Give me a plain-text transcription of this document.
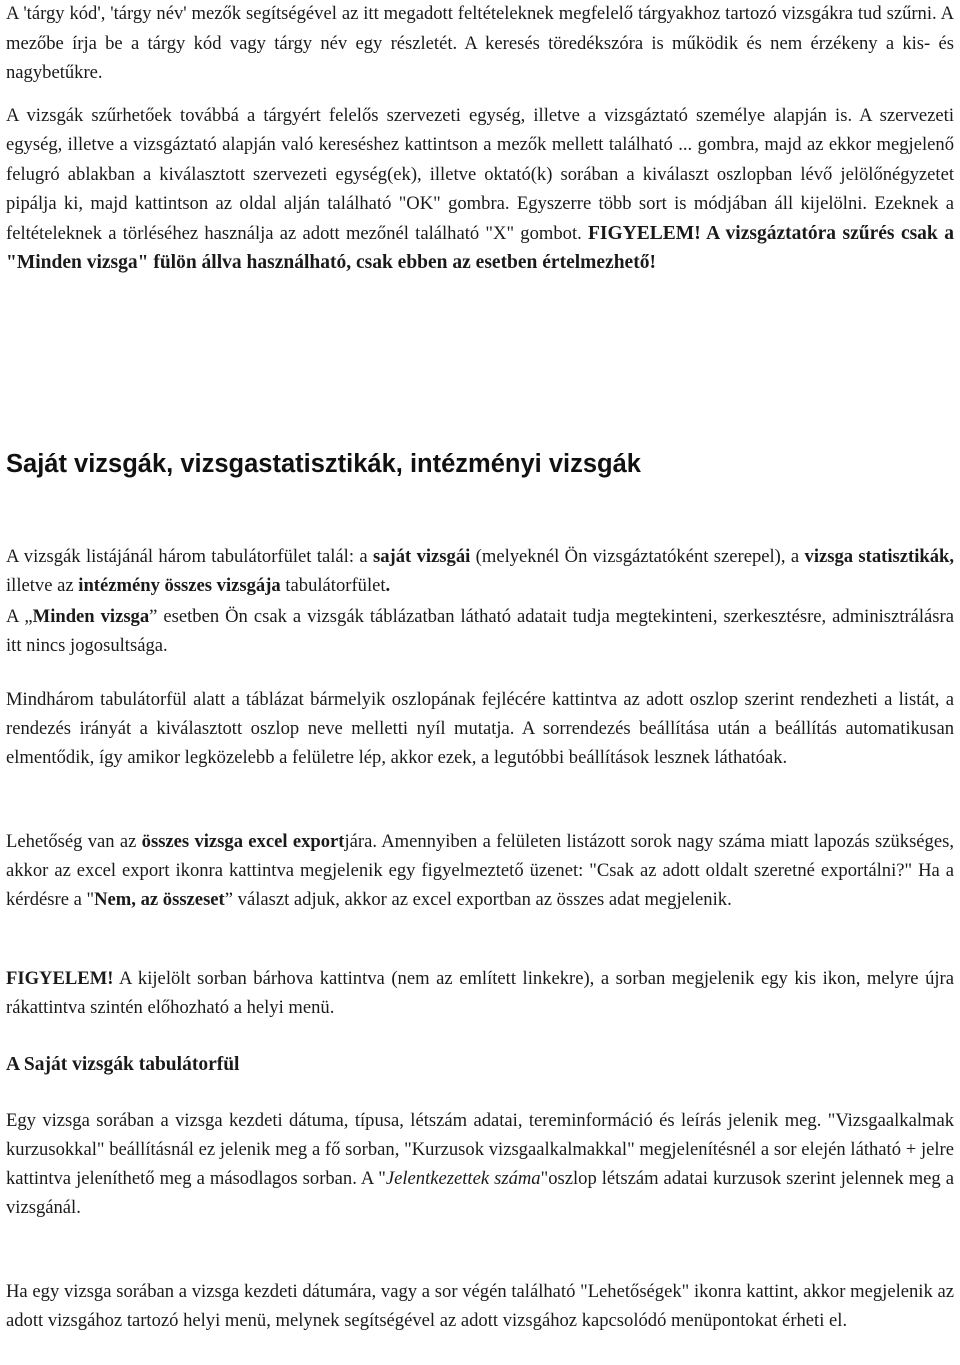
A 'tárgy kód', 'tárgy név' mezők segítségével az itt megadott feltételeknek megfelelő tárgyakhoz tartozó vizsgákra tud szűrni. A mezőbe írja be a tárgy kód vagy tárgy név egy részletét. A keresés töredékszóra is működik és nem érzékeny a kis- és nagybetűkre.

A vizsgák szűrhetőek továbbá a tárgyért felelős szervezeti egység, illetve a vizsgáztató személye alapján is. A szervezeti egység, illetve a vizsgáztató alapján való kereséshez kattintson a mezők mellett található ... gombra, majd az ekkor megjelenő felugró ablakban a kiválasztott szervezeti egység(ek), illetve oktató(k) sorában a kiválaszt oszlopban lévő jelölőnégyzetet pipálja ki, majd kattintson az oldal alján található "OK" gombra. Egyszerre több sort is módjában áll kijelölni. Ezeknek a feltételeknek a törléséhez használja az adott mezőnél található "X" gombot. FIGYELEM! A vizsgáztatóra szűrés csak a "Minden vizsga" fülön állva használható, csak ebben az esetben értelmezhető!

Saját vizsgák, vizsgastatisztikák, intézményi vizsgák

A vizsgák listájánál három tabulátorfület talál: a saját vizsgái (melyeknél Ön vizsgáztatóként szerepel), a vizsga statisztikák, illetve az intézmény összes vizsgája tabulátorfület.

A „Minden vizsga” esetben Ön csak a vizsgák táblázatban látható adatait tudja megtekinteni, szerkesztésre, adminisztrálásra itt nincs jogosultsága.

Mindhárom tabulátorfül alatt a táblázat bármelyik oszlopának fejlécére kattintva az adott oszlop szerint rendezheti a listát, a rendezés irányát a kiválasztott oszlop neve melletti nyíl mutatja. A sorrendezés beállítása után a beállítás automatikusan elmentődik, így amikor legközelebb a felületre lép, akkor ezek, a legutóbbi beállítások lesznek láthatóak.

Lehetőség van az összes vizsga excel exportjára. Amennyiben a felületen listázott sorok nagy száma miatt lapozás szükséges, akkor az excel export ikonra kattintva megjelenik egy figyelmeztető üzenet: "Csak az adott oldalt szeretné exportálni?" Ha a kérdésre a "Nem, az összeset” választ adjuk, akkor az excel exportban az összes adat megjelenik.

FIGYELEM! A kijelölt sorban bárhova kattintva (nem az említett linkekre), a sorban megjelenik egy kis ikon, melyre újra rákattintva szintén előhozható a helyi menü.

A Saját vizsgák tabulátorfül

Egy vizsga sorában a vizsga kezdeti dátuma, típusa, létszám adatai, tereminformáció és leírás jelenik meg. "Vizsgaalkalmak kurzusokkal" beállításnál ez jelenik meg a fő sorban, "Kurzusok vizsgaalkalmakkal" megjelenítésnél a sor elején látható + jelre kattintva jeleníthető meg a másodlagos sorban. A "Jelentkezettek száma"oszlop létszám adatai kurzusok szerint jelennek meg a vizsgánál.

Ha egy vizsga sorában a vizsga kezdeti dátumára, vagy a sor végén található "Lehetőségek" ikonra kattint, akkor megjelenik az adott vizsgához tartozó helyi menü, melynek segítségével az adott vizsgához kapcsolódó menüpontokat érheti el.
